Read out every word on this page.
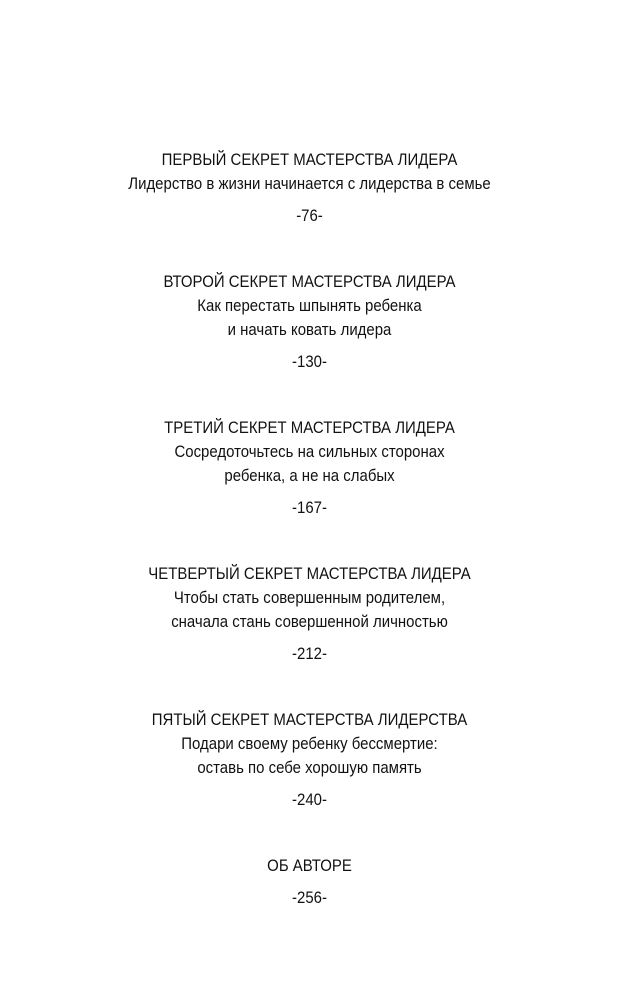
ПЕРВЫЙ СЕКРЕТ МАСТЕРСТВА ЛИДЕРА
Лидерство в жизни начинается с лидерства в семье
-76-
ВТОРОЙ СЕКРЕТ МАСТЕРСТВА ЛИДЕРА
Как перестать шпынять ребенка
и начать ковать лидера
-130-
ТРЕТИЙ СЕКРЕТ МАСТЕРСТВА ЛИДЕРА
Сосредоточьтесь на сильных сторонах
ребенка, а не на слабых
-167-
ЧЕТВЕРТЫЙ СЕКРЕТ МАСТЕРСТВА ЛИДЕРА
Чтобы стать совершенным родителем,
сначала стань совершенной личностью
-212-
ПЯТЫЙ СЕКРЕТ МАСТЕРСТВА ЛИДЕРСТВА
Подари своему ребенку бессмертие:
оставь по себе хорошую память
-240-
ОБ АВТОРЕ
-256-
